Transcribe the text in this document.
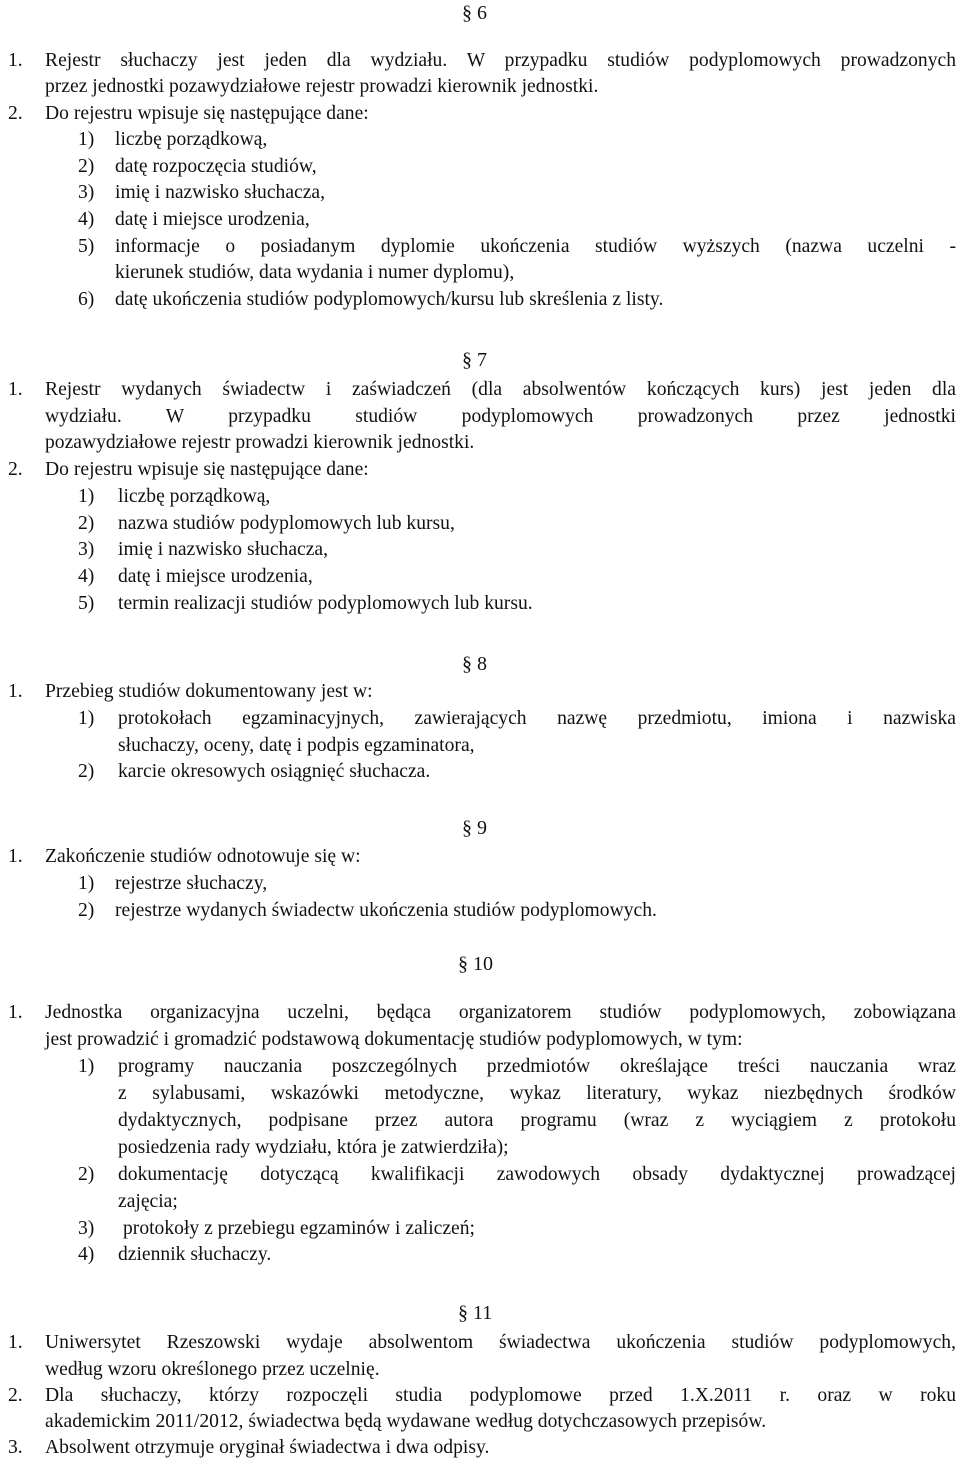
§ 6
1. Rejestr słuchaczy jest jeden dla wydziału. W przypadku studiów podyplomowych prowadzonych
przez jednostki pozawydziałowe rejestr prowadzi kierownik jednostki.
2. Do rejestru wpisuje się następujące dane:
1) liczbę porządkową,
2) datę rozpoczęcia studiów,
3) imię i nazwisko słuchacza,
4) datę i miejsce urodzenia,
5) informacje o posiadanym dyplomie ukończenia studiów wyższych (nazwa uczelni -
kierunek studiów, data wydania i numer dyplomu),
6) datę ukończenia studiów podyplomowych/kursu lub skreślenia z listy.
§ 7
1. Rejestr wydanych świadectw i zaświadczeń (dla absolwentów kończących kurs) jest jeden dla
wydziału. W przypadku studiów podyplomowych prowadzonych przez jednostki
pozawydziałowe rejestr prowadzi kierownik jednostki.
2. Do rejestru wpisuje się następujące dane:
1) liczbę porządkową,
2) nazwa studiów podyplomowych lub kursu,
3) imię i nazwisko słuchacza,
4) datę i miejsce urodzenia,
5) termin realizacji studiów podyplomowych lub kursu.
§ 8
1. Przebieg studiów dokumentowany jest w:
1) protokołach egzaminacyjnych, zawierających nazwę przedmiotu, imiona i nazwiska
słuchaczy, oceny, datę i podpis egzaminatora,
2) karcie okresowych osiągnięć słuchacza.
§ 9
1. Zakończenie studiów odnotowuje się w:
1) rejestrze słuchaczy,
2) rejestrze wydanych świadectw ukończenia studiów podyplomowych.
§ 10
1. Jednostka organizacyjna uczelni, będąca organizatorem studiów podyplomowych, zobowiązana
jest prowadzić i gromadzić podstawową dokumentację studiów podyplomowych, w tym:
1) programy nauczania poszczególnych przedmiotów określające treści nauczania wraz
z sylabusami, wskazówki metodyczne, wykaz literatury, wykaz niezbędnych środków
dydaktycznych, podpisane przez autora programu (wraz z wyciągiem z protokołu
posiedzenia rady wydziału, która je zatwierdziła);
2) dokumentację dotyczącą kwalifikacji zawodowych obsady dydaktycznej prowadzącej
zajęcia;
3) protokoły z przebiegu egzaminów i zaliczeń;
4) dziennik słuchaczy.
§ 11
1. Uniwersytet Rzeszowski wydaje absolwentom świadectwa ukończenia studiów podyplomowych,
według wzoru określonego przez uczelnię.
2. Dla słuchaczy, którzy rozpoczęli studia podyplomowe przed 1.X.2011 r. oraz w roku
akademickim 2011/2012, świadectwa będą wydawane według dotychczasowych przepisów.
3. Absolwent otrzymuje oryginał świadectwa i dwa odpisy.
